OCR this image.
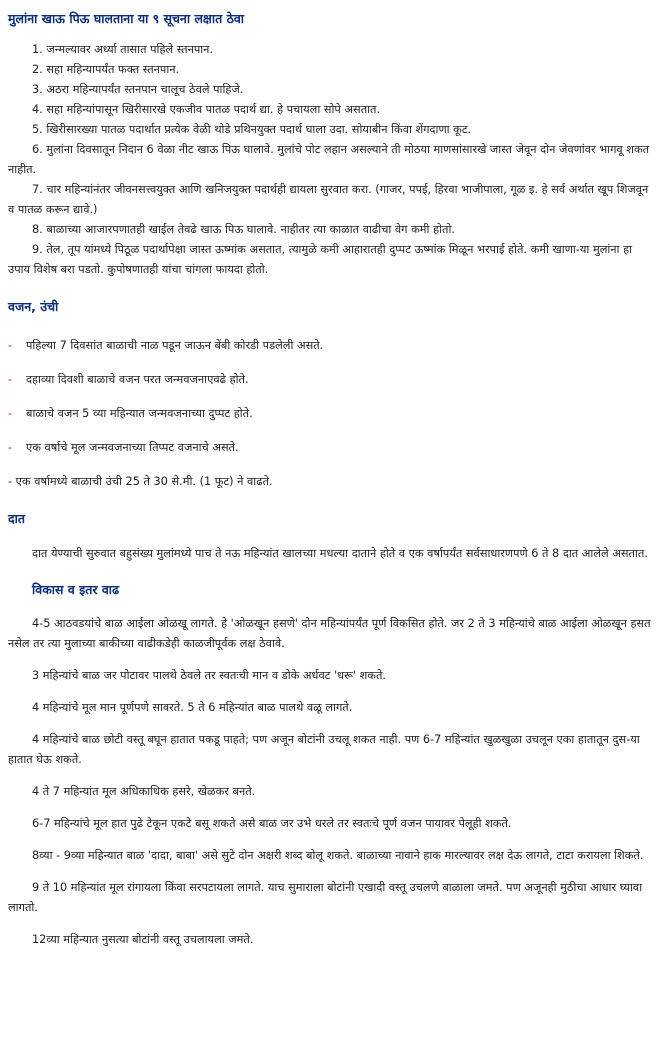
मुलांना खाऊ पिऊ घालताना या ९ सूचना लक्षात ठेवा

1. जन्मल्यावर अर्ध्या तासात पहिले स्तनपान.

2. सहा महिन्यापर्यंत फक्त स्तनपान.

3. अठरा महिन्यापर्यंत स्तनपान चालूच ठेवले पाहिजे.

4. सहा महिन्यांपासून खिरीसारखे एकजीव पातळ पदार्थ द्या. हे पचायला सोपे असतात.

5. खिरीसारख्या पातळ पदार्थात प्रत्येक वेळी थोडे प्रथिनयुक्त पदार्थ घाला उदा. सोयाबीन किंवा शेंगदाणा कूट.

6. मुलांना दिवसातून निदान 6 वेळा नीट खाऊ पिऊ घालावे. मुलांचे पोट लहान असल्याने ती मोठया माणसांसारखे जास्त जेवून दोन जेवणांवर भागवू शकत नाहीत.

7. चार महिन्यांनंतर जीवनसत्त्वयुक्त आणि खनिजयुक्त पदार्थही द्यायला सुरवात करा. (गाजर, पपई, हिरवा भाजीपाला, गूळ इ. हे सर्व अर्थात खूप शिजवून व पातळ करून द्यावे.)

8. बाळाच्या आजारपणातही खाईल तेवढे खाऊ पिऊ घालावे. नाहीतर त्या काळात वाढीचा वेग कमी होतो.

9. तेल, तूप यांमध्ये पिठूळ पदार्थापेक्षा जास्त ऊष्मांक असतात, त्यामुळे कमी आहारातही दुप्पट ऊष्मांक मिळून भरपाई होते. कमी खाणा-या मुलांना हा उपाय विशेष बरा पडतो. कुपोषणातही यांचा चांगला फायदा होतो.

वजन, उंची
-	पहिल्या 7 दिवसांत बाळाची नाळ पडून जाऊन बेंबी कोरडी पडलेली असते.
-	दहाव्या दिवशी बाळाचे वजन परत जन्मवजनाएवढे होते.
-	बाळाचे वजन 5 व्या महिन्यात जन्मवजनाच्या दुप्पट होते.
-	एक वर्षाचे मूल जन्मवजनाच्या तिप्पट वजनाचे असते.

- एक वर्षामध्ये बाळाची उंची 25 ते 30 से.मी. (1 फूट) ने वाढते.

दात

दात येण्याची सुरुवात बहुसंख्य मुलांमध्ये पाच ते नऊ महिन्यांत खालच्या मधल्या दाताने होते व एक वर्षापर्यंत सर्वसाधारणपणे 6 ते 8 दात आलेले असतात.

विकास व इतर वाढ

4-5 आठवडयांचे बाळ आईला ओळखू लागते. हे 'ओळखून हसणे' दोन महिन्यांपर्यंत पूर्ण विकसित होते. जर 2 ते 3 महिन्यांचे बाळ आईला ओळखून हसत नसेल तर त्या मुलाच्या बाकीच्या वाढीकडेही काळजीपूर्वक लक्ष ठेवावे.

3 महिन्यांचे बाळ जर पोटावर पालथे ठेवले तर स्वतःची मान व डोके अर्धवट 'धरू' शकते.

4 महिन्यांचे मूल मान पूर्णपणे सावरते. 5 ते 6 महिन्यांत बाळ पालथे वळू लागते.

4 महिन्यांचे बाळ छोटी वस्तू बघून हातात पकडू पाहते; पण अजून बोटांनी उचलू शकत नाही. पण 6-7 महिन्यांत खुळखुळा उचलून एका हातातून दुस-या हातात घेऊ शकते.

4 ते 7 महिन्यांत मूल अधिकाधिक हसरे, खेळकर बनते.

6-7 महिन्यांचे मूल हात पुढे टेकून एकटे बसू शकते असे बाळ जर उभे धरले तर स्वतःचे पूर्ण वजन पायावर पेलूही शकते.

8व्या - 9व्या महिन्यात बाळ 'दादा, बाबा' असे सुटे दोन अक्षरी शब्द बोलू शकते. बाळाच्या नावाने हाक मारल्यावर लक्ष देऊ लागते, टाटा करायला शिकते.

9 ते 10 महिन्यांत मूल रांगायला किंवा सरपटायला लागते. याच सुमाराला बोटांनी एखादी वस्तू उचलणे बाळाला जमते. पण अजूनही मुठीचा आधार घ्यावा लागतो.

12व्या महिन्यात नुसत्या बोटांनी वस्तू उचलायला जमते.
